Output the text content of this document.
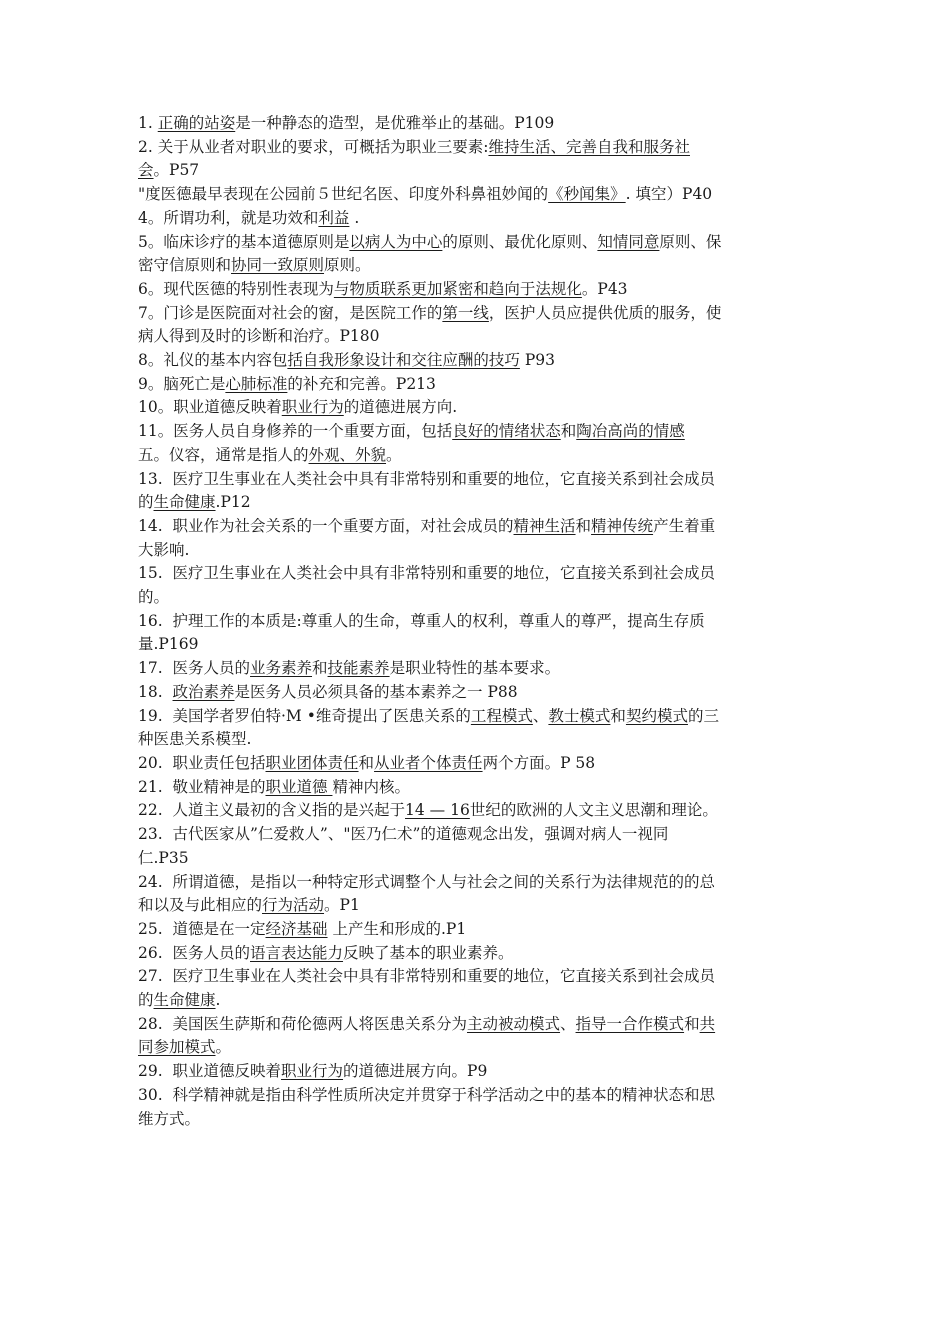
1. 正确的站姿是一种静态的造型，是优雅举止的基础。P109
2. 关于从业者对职业的要求，可概括为职业三要素:维持生活、完善自我和服务社
会。P57
"度医德最早表现在公园前５世纪名医、印度外科鼻祖妙闻的《秒闻集》. 填空）P40
4。所谓功利，就是功效和利益 .
5。临床诊疗的基本道德原则是以病人为中心的原则、最优化原则、知情同意原则、保
密守信原则和协同一致原则原则。
6。现代医德的特别性表现为与物质联系更加紧密和趋向于法规化。P43
7。门诊是医院面对社会的窗，是医院工作的第一线，医护人员应提供优质的服务，使
病人得到及时的诊断和治疗。P180
8。礼仪的基本内容包括自我形象设计和交往应酬的技巧 P93
9。脑死亡是心肺标准的补充和完善。P213
10。职业道德反映着职业行为的道德进展方向.
11。医务人员自身修养的一个重要方面，包括良好的情绪状态和陶冶高尚的情感
五。仪容，通常是指人的外观、外貌。
13.  医疗卫生事业在人类社会中具有非常特别和重要的地位，它直接关系到社会成员
的生命健康.P12
14.  职业作为社会关系的一个重要方面，对社会成员的精神生活和精神传统产生着重
大影响.
15.  医疗卫生事业在人类社会中具有非常特别和重要的地位，它直接关系到社会成员
的。
16.  护理工作的本质是:尊重人的生命，尊重人的权利，尊重人的尊严，提高生存质
量.P169
17.  医务人员的业务素养和技能素养是职业特性的基本要求。
18.  政治素养是医务人员必须具备的基本素养之一 P88
19.  美国学者罗伯特·M •维奇提出了医患关系的工程模式、教士模式和契约模式的三
种医患关系模型.
20.  职业责任包括职业团体责任和从业者个体责任两个方面。P 58
21.  敬业精神是的职业道德 精神内核。
22.  人道主义最初的含义指的是兴起于14 — 16世纪的欧洲的人文主义思潮和理论。
23.  古代医家从”仁爱救人”、"医乃仁术”的道德观念出发，强调对病人一视同
仁.P35
24.  所谓道德，是指以一种特定形式调整个人与社会之间的关系行为法律规范的的总
和以及与此相应的行为活动。P1
25.  道德是在一定经济基础 上产生和形成的.P1
26.  医务人员的语言表达能力反映了基本的职业素养。
27.  医疗卫生事业在人类社会中具有非常特别和重要的地位，它直接关系到社会成员
的生命健康.
28.  美国医生萨斯和荷伦德两人将医患关系分为主动被动模式、指导一合作模式和共
同参加模式。
29.  职业道德反映着职业行为的道德进展方向。P9
30.  科学精神就是指由科学性质所决定并贯穿于科学活动之中的基本的精神状态和思
维方式。
